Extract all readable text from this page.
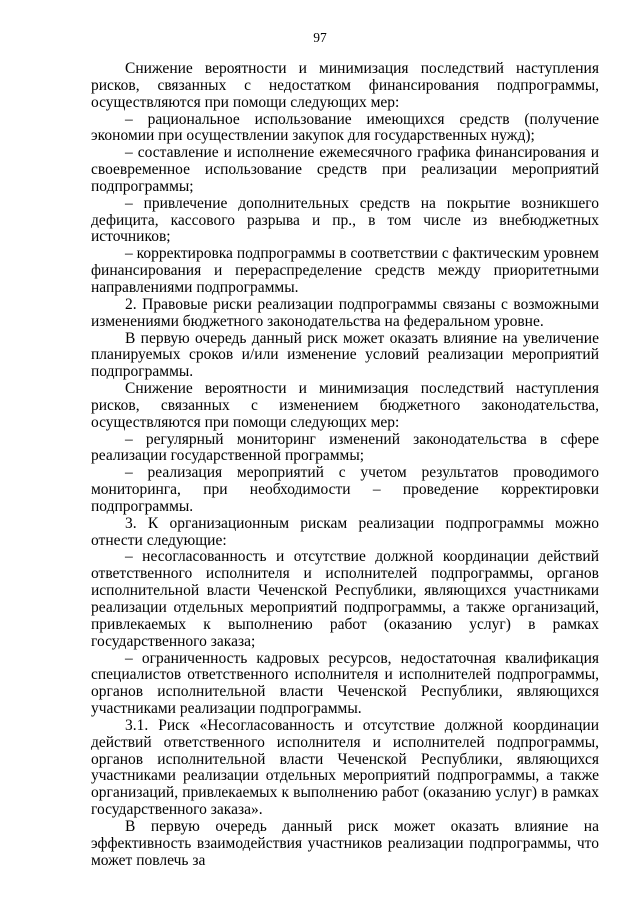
97

Снижение вероятности и минимизация последствий наступления рисков, связанных с недостатком финансирования подпрограммы, осуществляются при помощи следующих мер:

– рациональное использование имеющихся средств (получение экономии при осуществлении закупок для государственных нужд);

– составление и исполнение ежемесячного графика финансирования и своевременное использование средств при реализации мероприятий подпрограммы;

– привлечение дополнительных средств на покрытие возникшего дефицита, кассового разрыва и пр., в том числе из внебюджетных источников;

– корректировка подпрограммы в соответствии с фактическим уровнем финансирования и перераспределение средств между приоритетными направлениями подпрограммы.

2. Правовые риски реализации подпрограммы связаны с возможными изменениями бюджетного законодательства на федеральном уровне.

В первую очередь данный риск может оказать влияние на увеличение планируемых сроков и/или изменение условий реализации мероприятий подпрограммы.

Снижение вероятности и минимизация последствий наступления рисков, связанных с изменением бюджетного законодательства, осуществляются при помощи следующих мер:

– регулярный мониторинг изменений законодательства в сфере реализации государственной программы;

– реализация мероприятий с учетом результатов проводимого мониторинга, при необходимости – проведение корректировки подпрограммы.

3. К организационным рискам реализации подпрограммы можно отнести следующие:

– несогласованность и отсутствие должной координации действий ответственного исполнителя и исполнителей подпрограммы, органов исполнительной власти Чеченской Республики, являющихся участниками реализации отдельных мероприятий подпрограммы, а также организаций, привлекаемых к выполнению работ (оказанию услуг) в рамках государственного заказа;

– ограниченность кадровых ресурсов, недостаточная квалификация специалистов ответственного исполнителя и исполнителей подпрограммы, органов исполнительной власти Чеченской Республики, являющихся участниками реализации подпрограммы.

3.1. Риск «Несогласованность и отсутствие должной координации действий ответственного исполнителя и исполнителей подпрограммы, органов исполнительной власти Чеченской Республики, являющихся участниками реализации отдельных мероприятий подпрограммы, а также организаций, привлекаемых к выполнению работ (оказанию услуг) в рамках государственного заказа».

В первую очередь данный риск может оказать влияние на эффективность взаимодействия участников реализации подпрограммы, что может повлечь за
